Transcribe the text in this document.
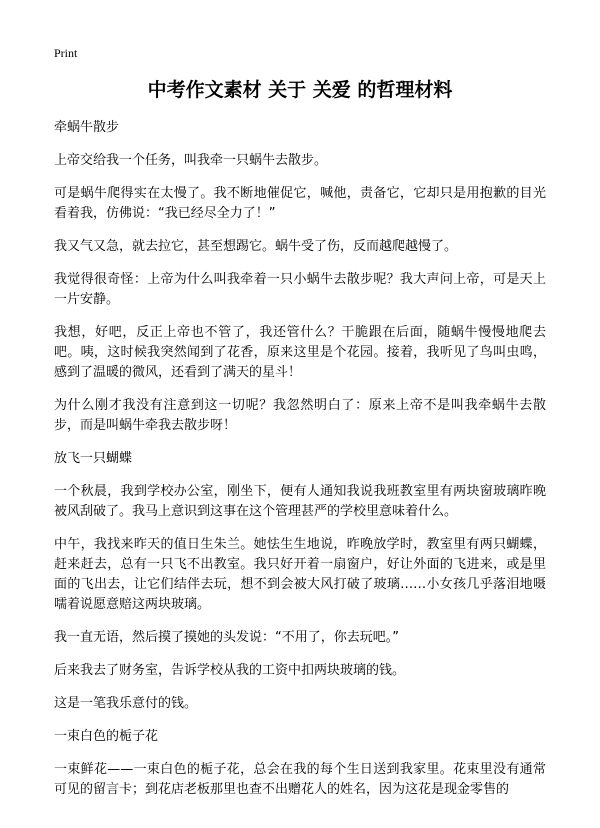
Print
中考作文素材 关于 关爱 的哲理材料

牵蜗牛散步

上帝交给我一个任务，叫我牵一只蜗牛去散步。

可是蜗牛爬得实在太慢了。我不断地催促它，喊他，责备它，它却只是用抱歉的目光看着我，仿佛说：“我已经尽全力了！”

我又气又急，就去拉它，甚至想踢它。蜗牛受了伤，反而越爬越慢了。

我觉得很奇怪：上帝为什么叫我牵着一只小蜗牛去散步呢？我大声问上帝，可是天上一片安静。

我想，好吧，反正上帝也不管了，我还管什么？干脆跟在后面，随蜗牛慢慢地爬去吧。咦，这时候我突然闻到了花香，原来这里是个花园。接着，我听见了鸟叫虫鸣，感到了温暖的微风，还看到了满天的星斗！

为什么刚才我没有注意到这一切呢？我忽然明白了：原来上帝不是叫我牵蜗牛去散步，而是叫蜗牛牵我去散步呀！

放飞一只蝴蝶

一个秋晨，我到学校办公室，刚坐下，便有人通知我说我班教室里有两块窗玻璃昨晚被风刮破了。我马上意识到这事在这个管理甚严的学校里意味着什么。

中午，我找来昨天的值日生朱兰。她怯生生地说，昨晚放学时，教室里有两只蝴蝶，赶来赶去，总有一只飞不出教室。我只好开着一扇窗户，好让外面的飞进来，或是里面的飞出去，让它们结伴去玩，想不到会被大风打破了玻璃……小女孩几乎落泪地嗫嚅着说愿意赔这两块玻璃。

我一直无语，然后摸了摸她的头发说：“不用了，你去玩吧。”

后来我去了财务室，告诉学校从我的工资中扣两块玻璃的钱。

这是一笔我乐意付的钱。

一束白色的栀子花

一束鲜花——一束白色的栀子花，总会在我的每个生日送到我家里。花束里没有通常可见的留言卡；到花店老板那里也查不出赠花人的姓名，因为这花是现金零售的
